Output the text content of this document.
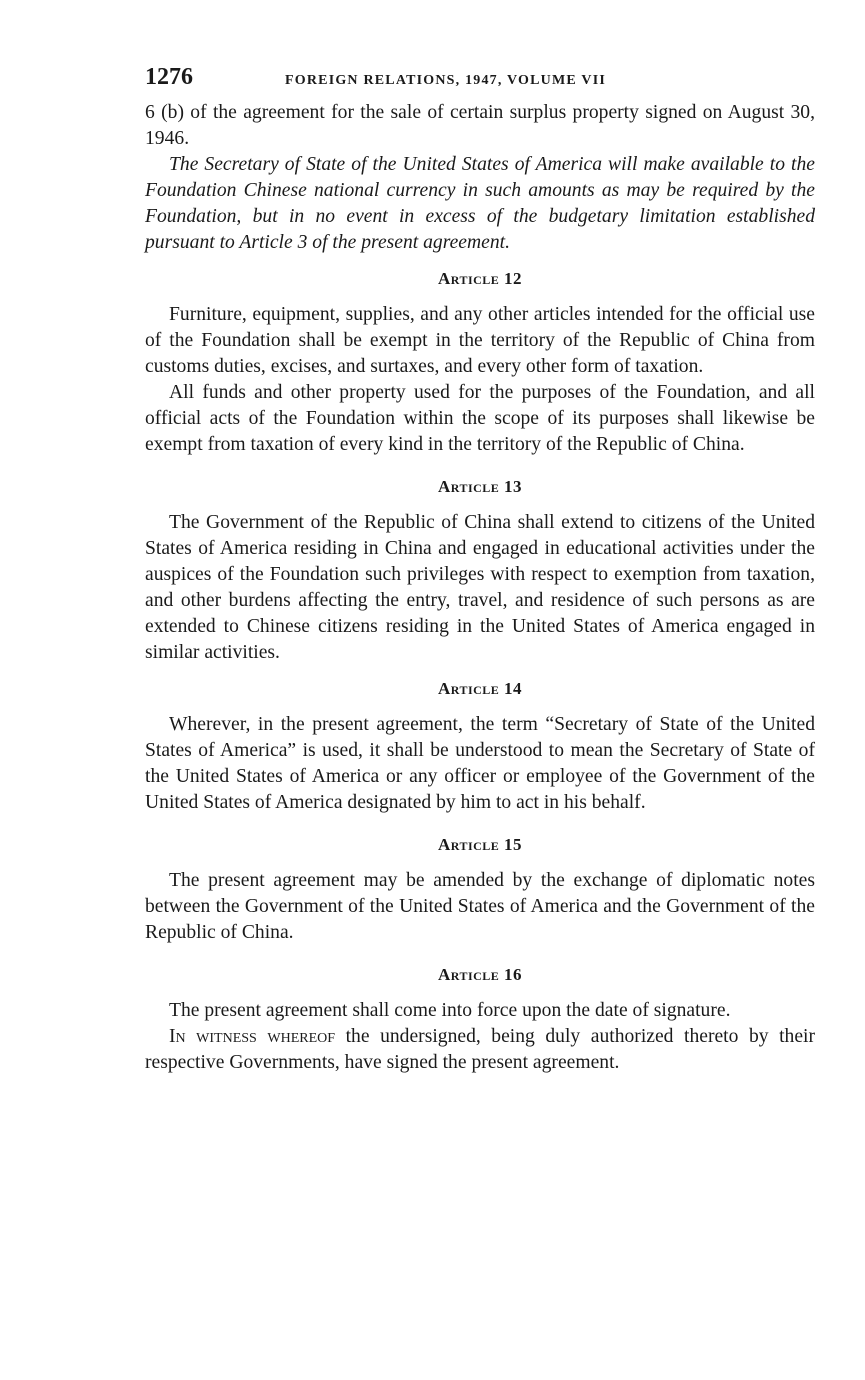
1276	FOREIGN RELATIONS, 1947, VOLUME VII

6 (b) of the agreement for the sale of certain surplus property signed on August 30, 1946.

The Secretary of State of the United States of America will make available to the Foundation Chinese national currency in such amounts as may be required by the Foundation, but in no event in excess of the budgetary limitation established pursuant to Article 3 of the present agreement.

Article 12

Furniture, equipment, supplies, and any other articles intended for the official use of the Foundation shall be exempt in the territory of the Republic of China from customs duties, excises, and surtaxes, and every other form of taxation.

All funds and other property used for the purposes of the Foundation, and all official acts of the Foundation within the scope of its purposes shall likewise be exempt from taxation of every kind in the territory of the Republic of China.

Article 13

The Government of the Republic of China shall extend to citizens of the United States of America residing in China and engaged in educational activities under the auspices of the Foundation such privileges with respect to exemption from taxation, and other burdens affecting the entry, travel, and residence of such persons as are extended to Chinese citizens residing in the United States of America engaged in similar activities.

Article 14

Wherever, in the present agreement, the term “Secretary of State of the United States of America” is used, it shall be understood to mean the Secretary of State of the United States of America or any officer or employee of the Government of the United States of America designated by him to act in his behalf.

Article 15

The present agreement may be amended by the exchange of diplomatic notes between the Government of the United States of America and the Government of the Republic of China.

Article 16

The present agreement shall come into force upon the date of signature.

In witness whereof the undersigned, being duly authorized thereto by their respective Governments, have signed the present agreement.
